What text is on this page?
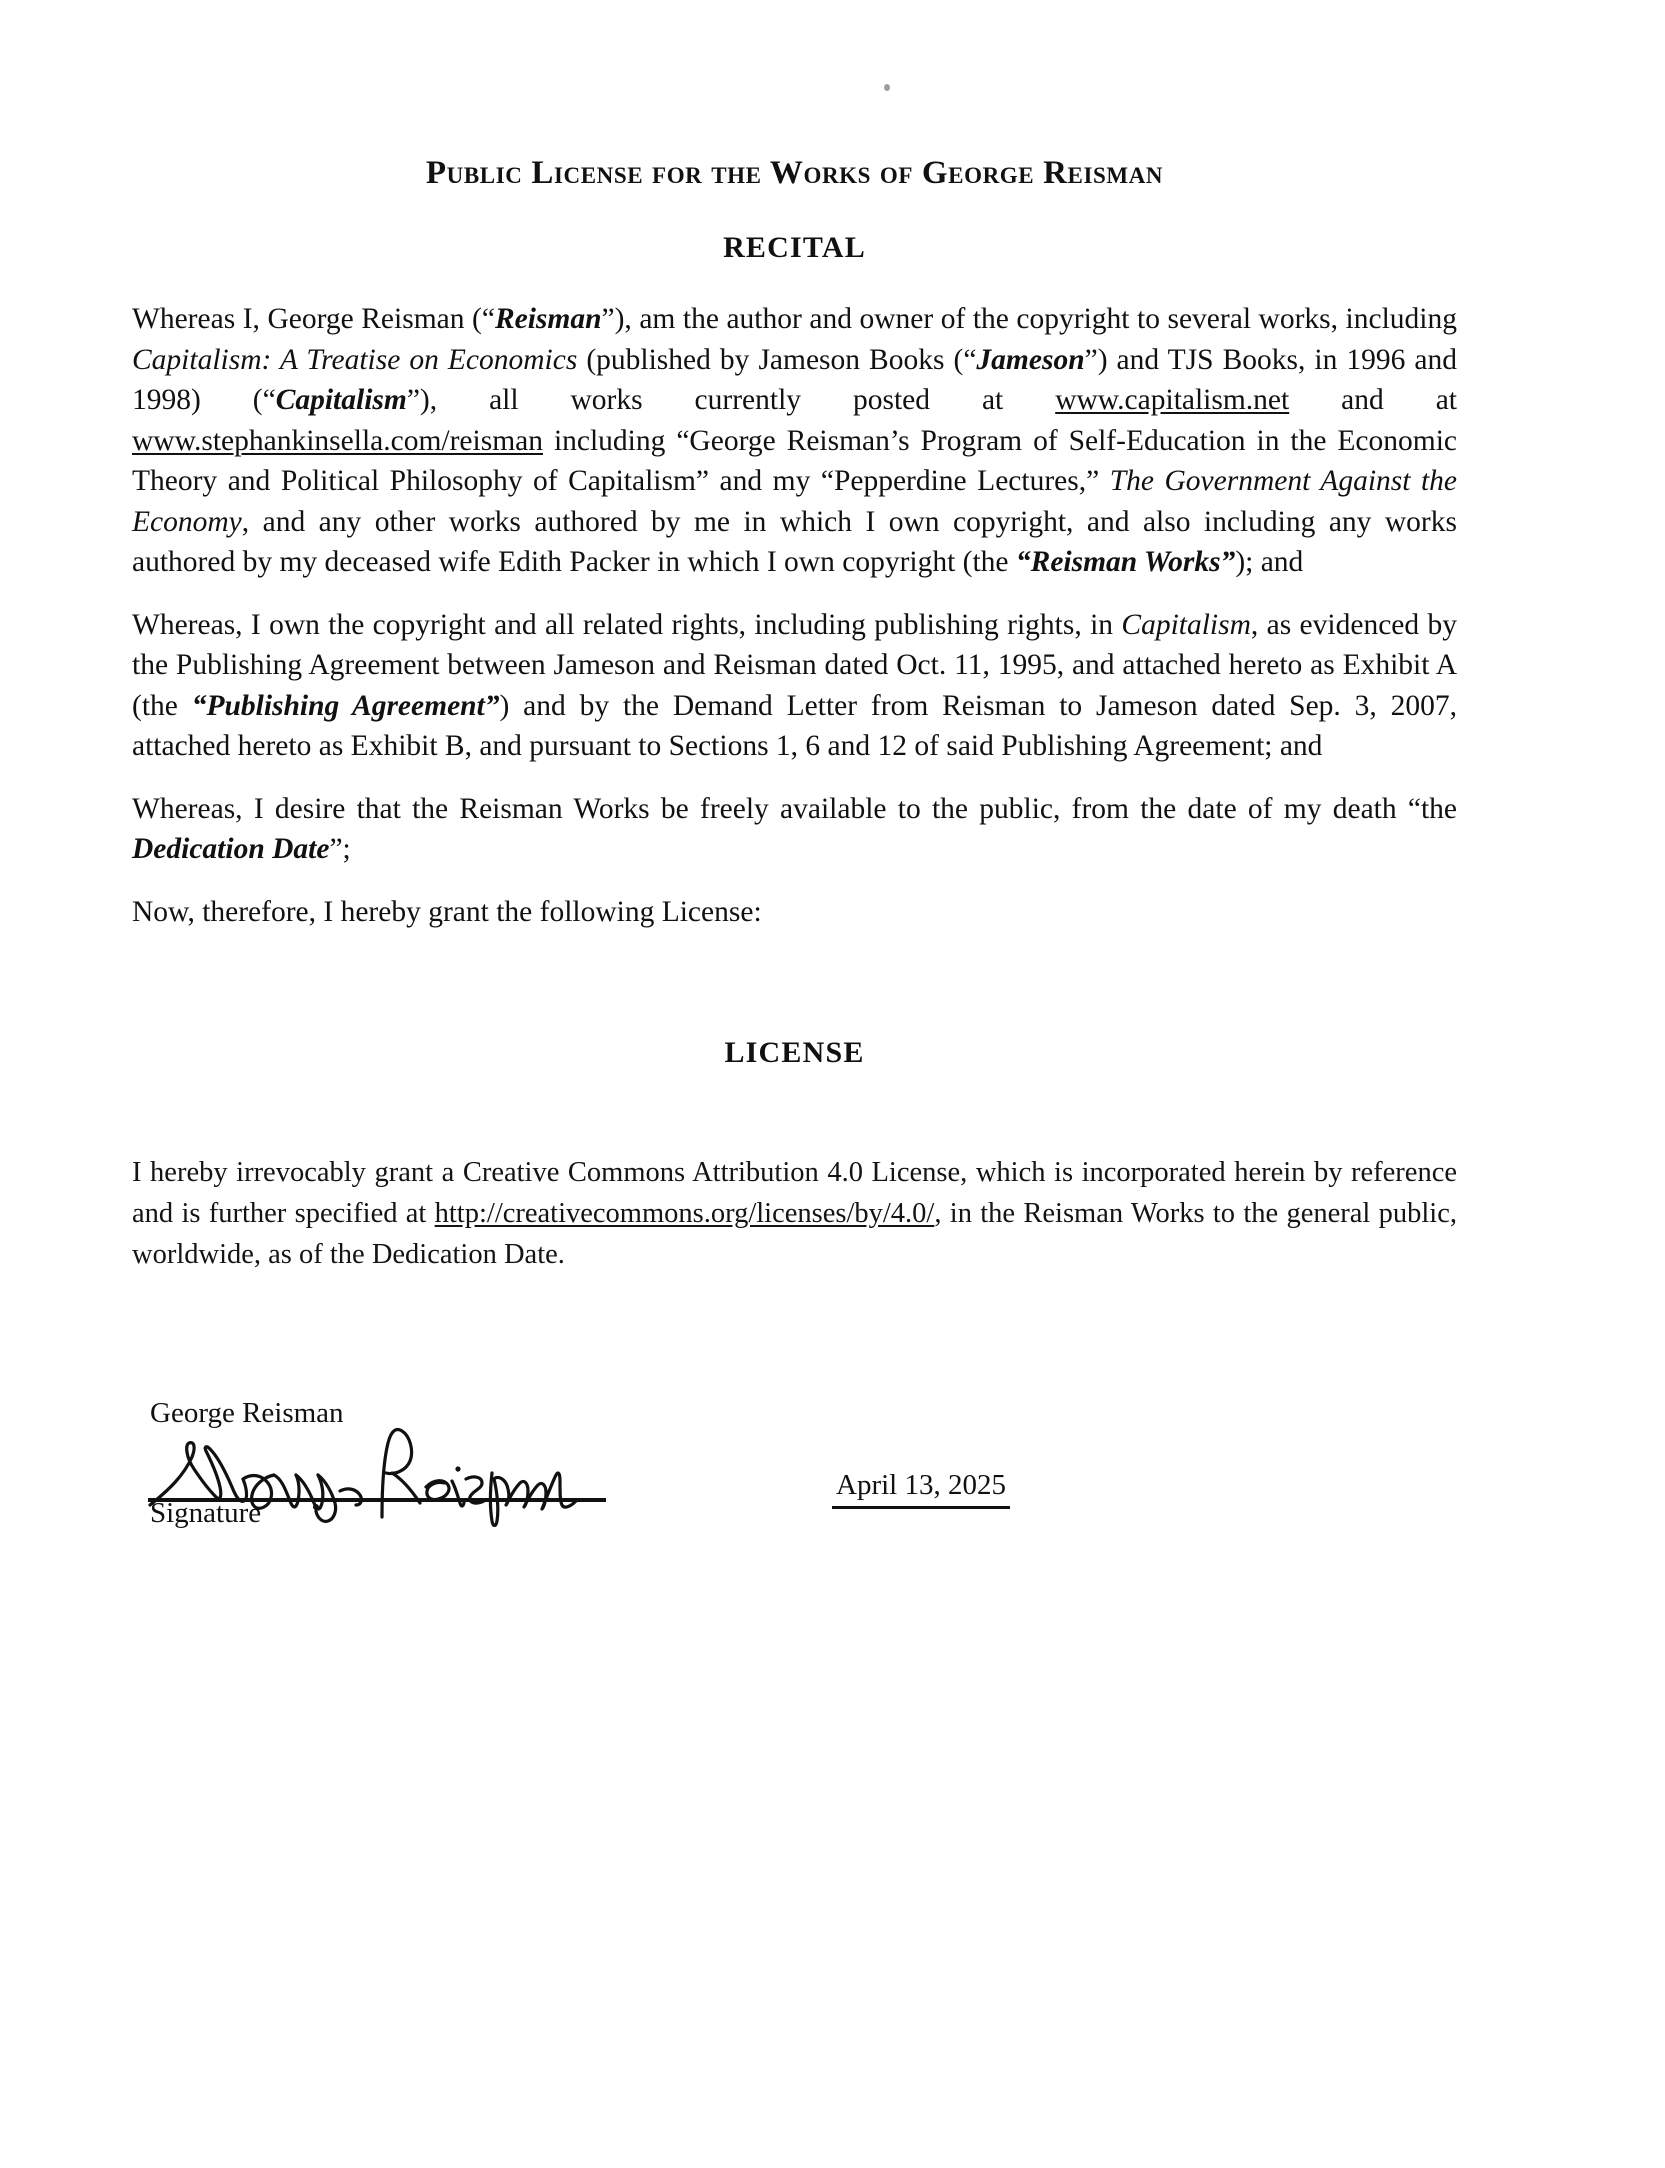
Public License for the Works of George Reisman
RECITAL

Whereas I, George Reisman (“Reisman”), am the author and owner of the copyright to several works, including Capitalism: A Treatise on Economics (published by Jameson Books (“Jameson”) and TJS Books, in 1996 and 1998) (“Capitalism”), all works currently posted at www.capitalism.net and at www.stephankinsella.com/reisman including “George Reisman’s Program of Self-Education in the Economic Theory and Political Philosophy of Capitalism” and my “Pepperdine Lectures,” The Government Against the Economy, and any other works authored by me in which I own copyright, and also including any works authored by my deceased wife Edith Packer in which I own copyright (the “Reisman Works”); and

Whereas, I own the copyright and all related rights, including publishing rights, in Capitalism, as evidenced by the Publishing Agreement between Jameson and Reisman dated Oct. 11, 1995, and attached hereto as Exhibit A (the “Publishing Agreement”) and by the Demand Letter from Reisman to Jameson dated Sep. 3, 2007, attached hereto as Exhibit B, and pursuant to Sections 1, 6 and 12 of said Publishing Agreement; and

Whereas, I desire that the Reisman Works be freely available to the public, from the date of my death “the Dedication Date”;

Now, therefore, I hereby grant the following License:

LICENSE

I hereby irrevocably grant a Creative Commons Attribution 4.0 License, which is incorporated herein by reference and is further specified at http://creativecommons.org/licenses/by/4.0/, in the Reisman Works to the general public, worldwide, as of the Dedication Date.

George Reisman
Signature
April 13, 2025
